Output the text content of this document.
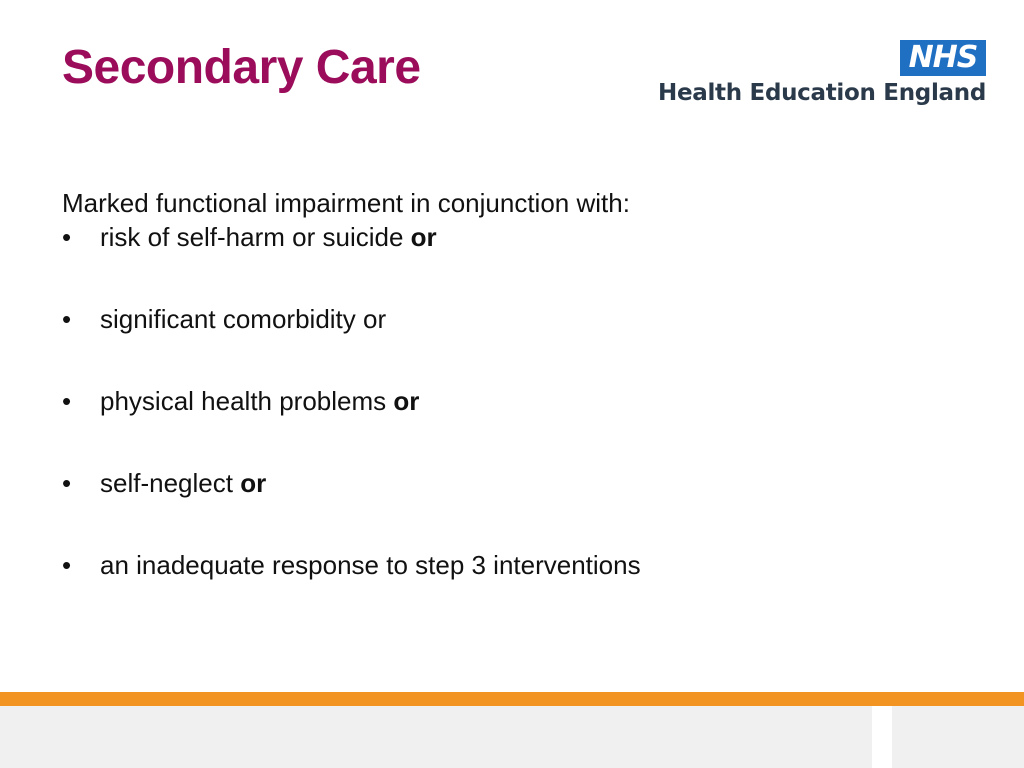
Secondary Care	NHS
Health Education England

Marked functional impairment in conjunction with:

• risk of self-harm or suicide or
• significant comorbidity or
• physical health problems or
• self-neglect or
• an inadequate response to step 3 interventions
